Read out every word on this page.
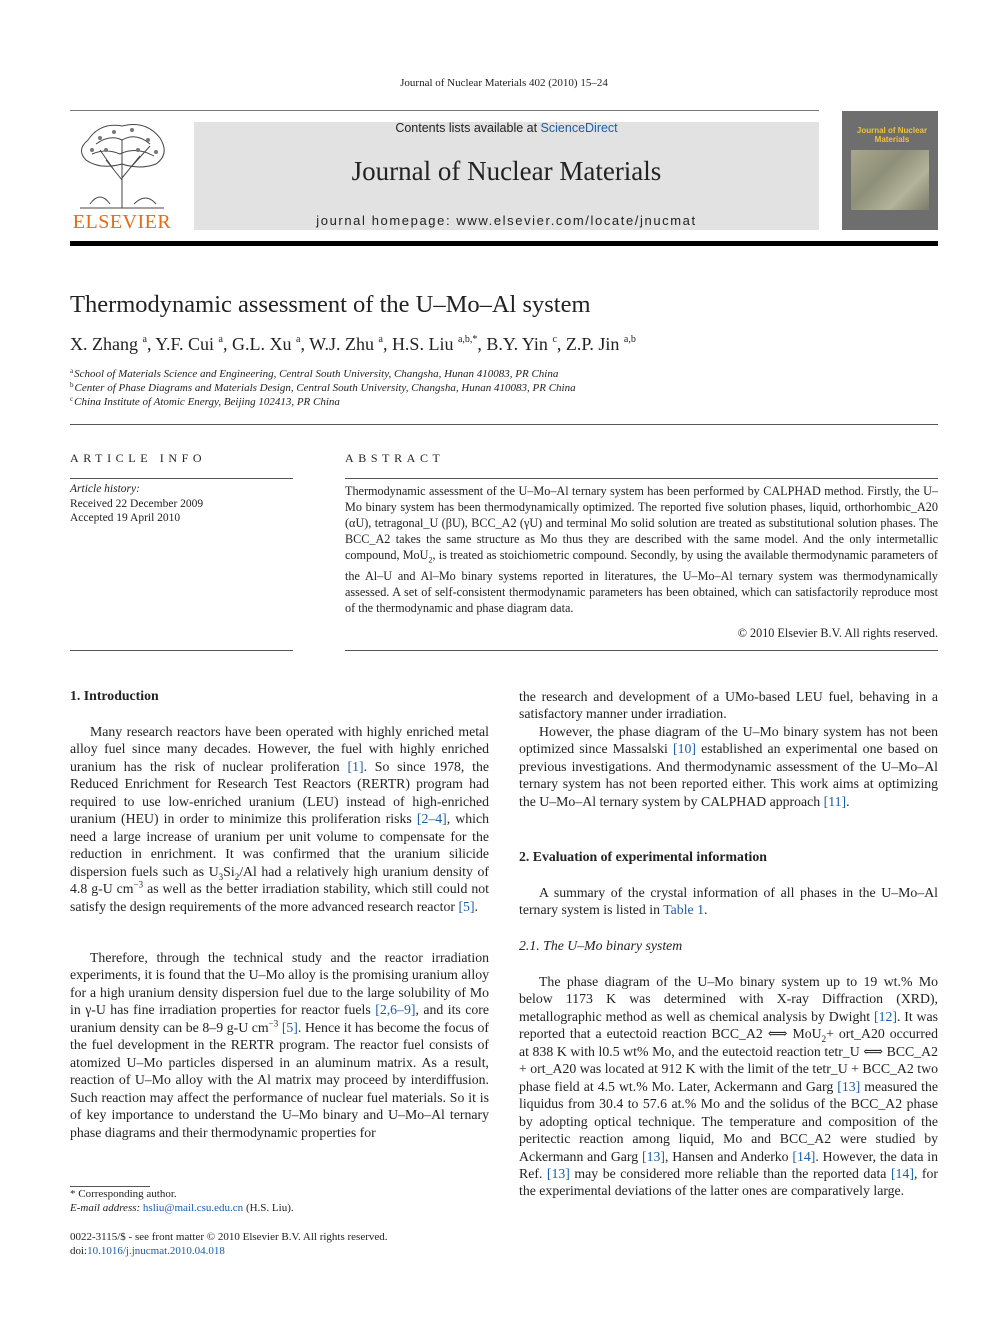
Journal of Nuclear Materials 402 (2010) 15–24
ELSEVIER
Contents lists available at ScienceDirect
Journal of Nuclear Materials
journal homepage: www.elsevier.com/locate/jnucmat
Journal of Nuclear Materials
Thermodynamic assessment of the U–Mo–Al system
X. Zhang $^a$, Y.F. Cui $^a$, G.L. Xu $^a$, W.J. Zhu $^a$, H.S. Liu $^{a,b,*}$, B.Y. Yin $^c$, Z.P. Jin $^{a,b}$
$^a$School of Materials Science and Engineering, Central South University, Changsha, Hunan 410083, PR China
$^b$Center of Phase Diagrams and Materials Design, Central South University, Changsha, Hunan 410083, PR China
$^c$China Institute of Atomic Energy, Beijing 102413, PR China
ARTICLE INFO	ABSTRACT
Article history:
Received 22 December 2009
Accepted 19 April 2010

Thermodynamic assessment of the U–Mo–Al ternary system has been performed by CALPHAD method. Firstly, the U–Mo binary system has been thermodynamically optimized. The reported five solution phases, liquid, orthorhombic_A20 (αU), tetragonal_U (βU), BCC_A2 (γU) and terminal Mo solid solution are treated as substitutional solution phases. The BCC_A2 takes the same structure as Mo thus they are described with the same model. And the only intermetallic compound, MoU$_2$, is treated as stoichiometric compound. Secondly, by using the available thermodynamic parameters of the Al–U and Al–Mo binary systems reported in literatures, the U–Mo–Al ternary system was thermodynamically assessed. A set of self-consistent thermodynamic parameters has been obtained, which can satisfactorily reproduce most of the thermodynamic and phase diagram data.

© 2010 Elsevier B.V. All rights reserved.
1. Introduction

Many research reactors have been operated with highly enriched metal alloy fuel since many decades. However, the fuel with highly enriched uranium has the risk of nuclear proliferation [1]. So since 1978, the Reduced Enrichment for Research Test Reactors (RERTR) program had required to use low-enriched uranium (LEU) instead of high-enriched uranium (HEU) in order to minimize this proliferation risks [2–4], which need a large increase of uranium per unit volume to compensate for the reduction in enrichment. It was confirmed that the uranium silicide dispersion fuels such as $U_3Si_2/Al$ had a relatively high uranium density of 4.8 g-U $cm^{-3}$ as well as the better irradiation stability, which still could not satisfy the design requirements of the more advanced research reactor [5].

Therefore, through the technical study and the reactor irradiation experiments, it is found that the U–Mo alloy is the promising uranium alloy for a high uranium density dispersion fuel due to the large solubility of Mo in γ-U has fine irradiation properties for reactor fuels [2,6–9], and its core uranium density can be 8–9 g-U $cm^{-3}$ [5]. Hence it has become the focus of the fuel development in the RERTR program. The reactor fuel consists of atomized U–Mo particles dispersed in an aluminum matrix. As a result, reaction of U–Mo alloy with the Al matrix may proceed by interdiffusion. Such reaction may affect the performance of nuclear fuel materials. So it is of key importance to understand the U–Mo binary and U–Mo–Al ternary phase diagrams and their thermodynamic properties for

the research and development of a UMo-based LEU fuel, behaving in a satisfactory manner under irradiation.

However, the phase diagram of the U–Mo binary system has not been optimized since Massalski [10] established an experimental one based on previous investigations. And thermodynamic assessment of the U–Mo–Al ternary system has not been reported either. This work aims at optimizing the U–Mo–Al ternary system by CALPHAD approach [11].

2. Evaluation of experimental information

A summary of the crystal information of all phases in the U–Mo–Al ternary system is listed in Table 1.

2.1. The U–Mo binary system

The phase diagram of the U–Mo binary system up to 19 wt.% Mo below 1173 K was determined with X-ray Diffraction (XRD), metallographic method as well as chemical analysis by Dwight [12]. It was reported that a eutectoid reaction BCC_A2 ⟺ MoU$_2$+ ort_A20 occurred at 838 K with l0.5 wt% Mo, and the eutectoid reaction tetr_U ⟺ BCC_A2 + ort_A20 was located at 912 K with the limit of the tetr_U + BCC_A2 two phase field at 4.5 wt.% Mo. Later, Ackermann and Garg [13] measured the liquidus from 30.4 to 57.6 at.% Mo and the solidus of the BCC_A2 phase by adopting optical technique. The temperature and composition of the peritectic reaction among liquid, Mo and BCC_A2 were studied by Ackermann and Garg [13], Hansen and Anderko [14]. However, the data in Ref. [13] may be considered more reliable than the reported data [14], for the experimental deviations of the latter ones are comparatively large.

* Corresponding author.
E-mail address: hsliu@mail.csu.edu.cn (H.S. Liu).
0022-3115/$ - see front matter © 2010 Elsevier B.V. All rights reserved.
doi:10.1016/j.jnucmat.2010.04.018
